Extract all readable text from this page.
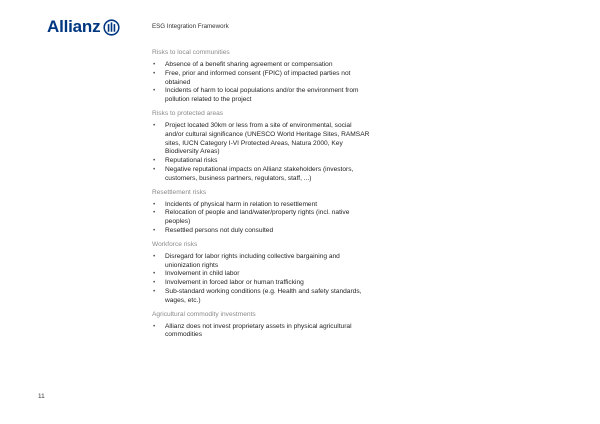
Allianz	ESG Integration Framework
Risks to local communities
• Absence of a benefit sharing agreement or compensation
• Free, prior and informed consent (FPIC) of impacted parties not obtained
• Incidents of harm to local populations and/or the environment from pollution related to the project
Risks to protected areas
• Project located 30km or less from a site of environmental, social and/or cultural significance (UNESCO World Heritage Sites, RAMSAR sites, IUCN Category I-VI Protected Areas, Natura 2000, Key Biodiversity Areas)
• Reputational risks
• Negative reputational impacts on Allianz stakeholders (investors, customers, business partners, regulators, staff, ...)
Resettlement risks
• Incidents of physical harm in relation to resettlement
• Relocation of people and land/water/property rights (incl. native peoples)
• Resettled persons not duly consulted
Workforce risks
• Disregard for labor rights including collective bargaining and unionization rights
• Involvement in child labor
• Involvement in forced labor or human trafficking
• Sub-standard working conditions (e.g. Health and safety standards, wages, etc.)
Agricultural commodity investments
• Allianz does not invest proprietary assets in physical agricultural commodities
11
